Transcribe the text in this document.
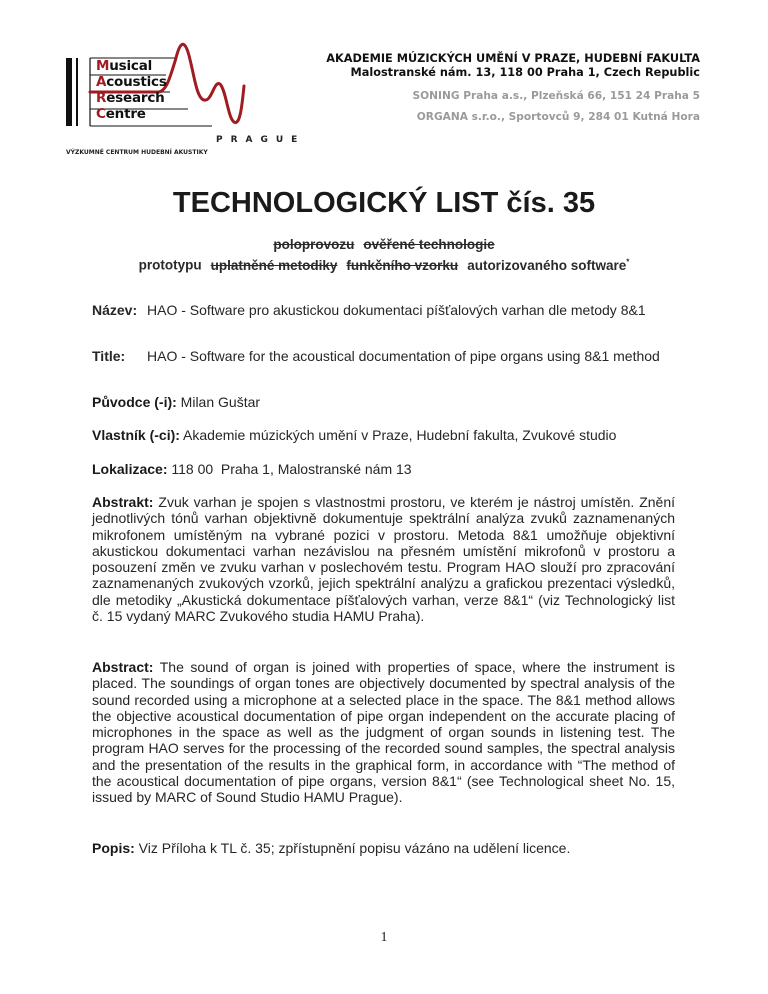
Musical
Acoustics
Research
Centre
PRAGUE
VÝZKUMNÉ CENTRUM HUDEBNÍ AKUSTIKY
AKADEMIE MÚZICKÝCH UMĚNÍ V PRAZE, HUDEBNÍ FAKULTA
Malostranské nám. 13, 118 00 Praha 1, Czech Republic
SONING Praha a.s., Plzeňská 66, 151 24 Praha 5
ORGANA s.r.o., Sportovců 9, 284 01 Kutná Hora
TECHNOLOGICKÝ LIST čís. 35
poloprovozu ověřené technologie
prototypu uplatněné metodiky funkčního vzorku autorizovaného software*
Název: HAO - Software pro akustickou dokumentaci píšťalových varhan dle metody 8&1
Title:	HAO - Software for the acoustical documentation of pipe organs using 8&1 method
Původce (-i): Milan Guštar
Vlastník (-ci): Akademie múzických umění v Praze, Hudební fakulta, Zvukové studio
Lokalizace: 118 00  Praha 1, Malostranské nám 13
Abstrakt: Zvuk varhan je spojen s vlastnostmi prostoru, ve kterém je nástroj umístěn. Znění jednotlivých tónů varhan objektivně dokumentuje spektrální analýza zvuků zaznamenaných mikrofonem umístěným na vybrané pozici v prostoru. Metoda 8&1 umožňuje objektivní akustickou dokumentaci varhan nezávislou na přesném umístění mikrofonů v prostoru a posouzení změn ve zvuku varhan v poslechovém testu. Program HAO slouží pro zpracování zaznamenaných zvukových vzorků, jejich spektrální analýzu a grafickou prezentaci výsledků, dle metodiky „Akustická dokumentace píšťalových varhan, verze 8&1“ (viz Technologický list č. 15 vydaný MARC Zvukového studia HAMU Praha).
Abstract: The sound of organ is joined with properties of space, where the instrument is placed. The soundings of organ tones are objectively documented by spectral analysis of the sound recorded using a microphone at a selected place in the space. The 8&1 method allows the objective acoustical documentation of pipe organ independent on the accurate placing of microphones in the space as well as the judgment of organ sounds in listening test. The program HAO serves for the processing of the recorded sound samples, the spectral analysis and the presentation of the results in the graphical form, in accordance with “The method of the acoustical documentation of pipe organs, version 8&1“ (see Technological sheet No. 15, issued by MARC of Sound Studio HAMU Prague).
Popis: Viz Příloha k TL č. 35; zpřístupnění popisu vázáno na udělení licence.
1
